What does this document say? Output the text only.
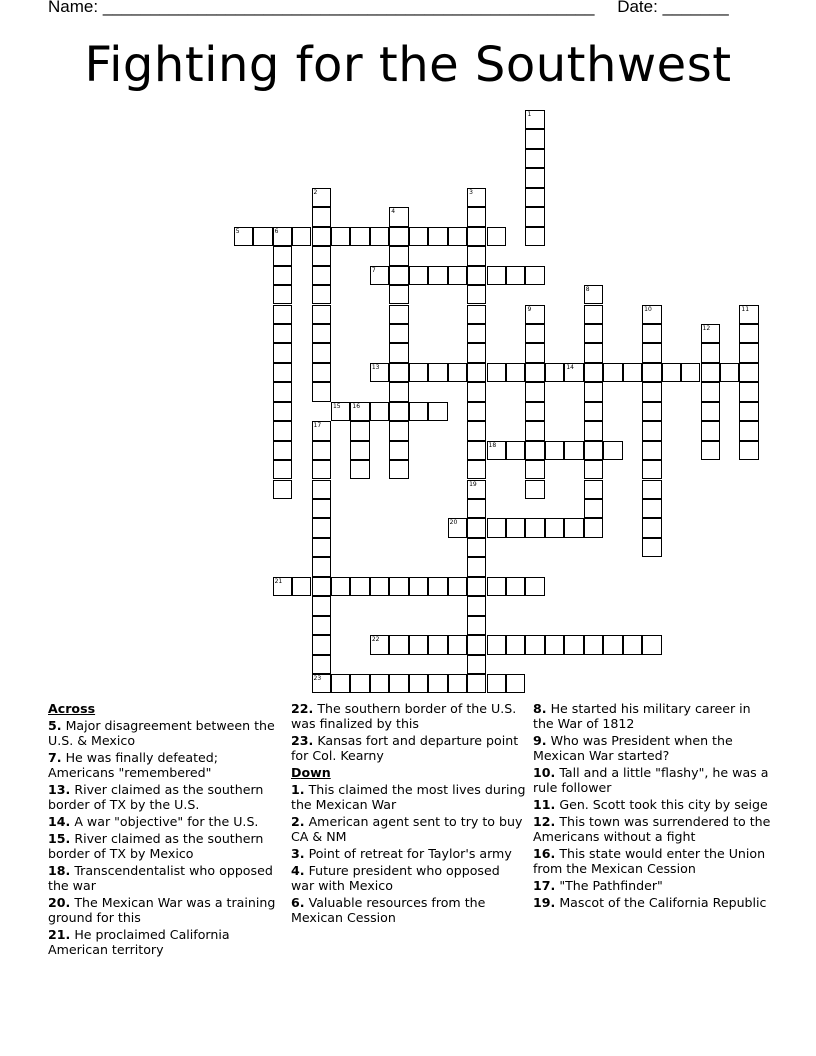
Name: ____________________________________________________ Date: _______
Fighting for the Southwest
1
2	3
19
4
5	6
7
8
9	10	11
12
13	14
15 16
17
18
20
21
22
23
Across
5. Major disagreement between the U.S. & Mexico
7. He was finally defeated; Americans "remembered"
13. River claimed as the southern border of TX by the U.S.
14. A war "objective" for the U.S.
15. River claimed as the southern border of TX by Mexico
18. Transcendentalist who opposed the war
20. The Mexican War was a training ground for this
21. He proclaimed California American territory
22. The southern border of the U.S. was finalized by this
23. Kansas fort and departure point for Col. Kearny
Down
1. This claimed the most lives during the Mexican War
2. American agent sent to try to buy CA & NM
3. Point of retreat for Taylor's army
4. Future president who opposed war with Mexico
6. Valuable resources from the Mexican Cession
8. He started his military career in the War of 1812
9. Who was President when the Mexican War started?
10. Tall and a little "flashy", he was a rule follower
11. Gen. Scott took this city by seige
12. This town was surrendered to the Americans without a fight
16. This state would enter the Union from the Mexican Cession
17. "The Pathfinder"
19. Mascot of the California Republic
